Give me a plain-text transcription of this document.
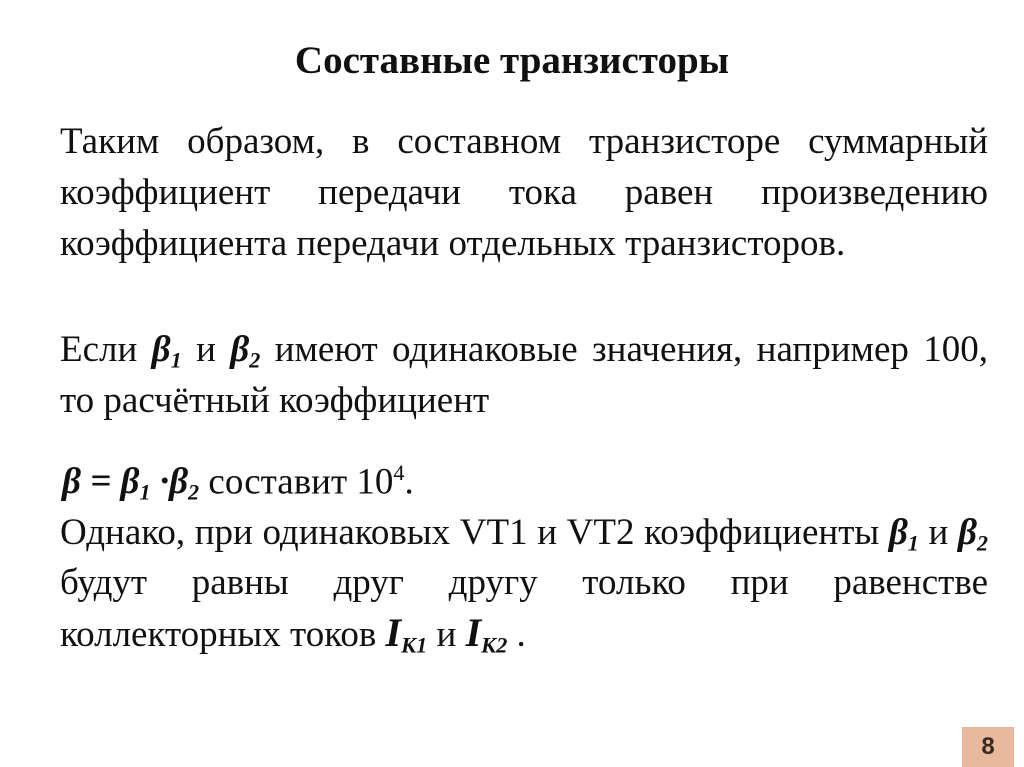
Составные транзисторы

Таким образом, в составном транзисторе суммарный коэффициент передачи тока равен произведению коэффициента передачи отдельных транзисторов.

Если $\beta_1$ и $\beta_2$ имеют одинаковые значения, например 100, то расчётный коэффициент

$\beta = \beta_1 \cdot\beta_2$ составит $10^4$.

Однако, при одинаковых VT1 и VT2 коэффициенты $\beta_1$ и $\beta_2$ будут равны друг другу только при равенстве коллекторных токов $I_{К1}$ и $I_{К2}$ .

8
